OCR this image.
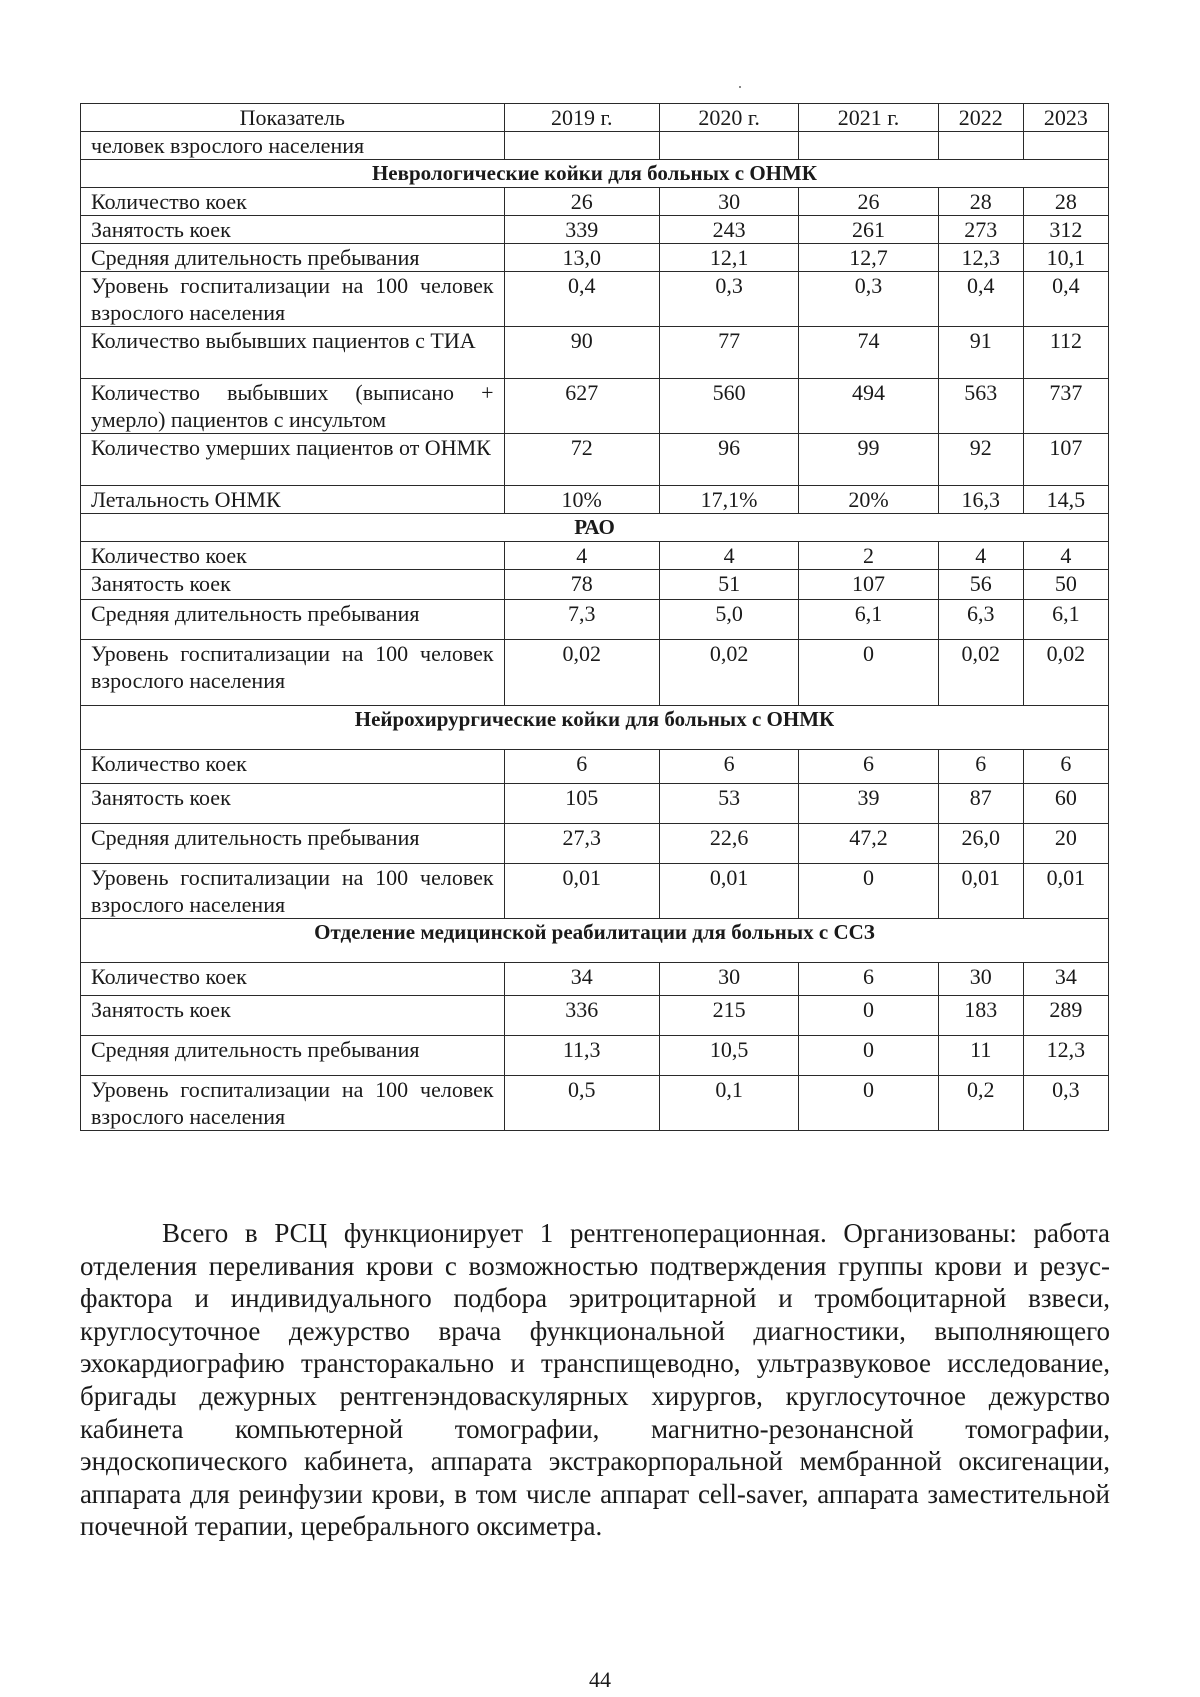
Показатель	2019 г.	2020 г.	2021 г.	2022	2023
человек взрослого населения					
Неврологические койки для больных с ОНМК					
Количество коек	26	30	26	28	28
Занятость коек	339	243	261	273	312
Средняя длительность пребывания	13,0	12,1	12,7	12,3	10,1
Уровень госпитализации на 100 человек взрослого населения	0,4	0,3	0,3	0,4	0,4
Количество выбывших пациентов с ТИА	90	77	74	91	112
Количество выбывших (выписано + умерло) пациентов с инсультом	627	560	494	563	737
Количество умерших пациентов от ОНМК	72	96	99	92	107
Летальность ОНМК	10%	17,1%	20%	16,3	14,5
РАО					
Количество коек	4	4	2	4	4
Занятость коек	78	51	107	56	50
Средняя длительность пребывания	7,3	5,0	6,1	6,3	6,1
Уровень госпитализации на 100 человек взрослого населения	0,02	0,02	0	0,02	0,02
Нейрохирургические койки для больных с ОНМК					
Количество коек	6	6	6	6	6
Занятость коек	105	53	39	87	60
Средняя длительность пребывания	27,3	22,6	47,2	26,0	20
Уровень госпитализации на 100 человек взрослого населения	0,01	0,01	0	0,01	0,01
Отделение медицинской реабилитации для больных с ССЗ					
Количество коек	34	30	6	30	34
Занятость коек	336	215	0	183	289
Средняя длительность пребывания	11,3	10,5	0	11	12,3
Уровень госпитализации на 100 человек взрослого населения	0,5	0,1	0	0,2	0,3

Всего в РСЦ функционирует 1 рентгеноперационная. Организованы: работа отделения переливания крови с возможностью подтверждения группы крови и резус-фактора и индивидуального подбора эритроцитарной и тромбоцитарной взвеси, круглосуточное дежурство врача функциональной диагностики, выполняющего эхокардиографию трансторакально и транспищеводно, ультразвуковое исследование, бригады дежурных рентгенэндоваскулярных хирургов, круглосуточное дежурство кабинета компьютерной томографии, магнитно-резонансной томографии, эндоскопического кабинета, аппарата экстракорпоральной мембранной оксигенации, аппарата для реинфузии крови, в том числе аппарат cell-saver, аппарата заместительной почечной терапии, церебрального оксиметра.

44
